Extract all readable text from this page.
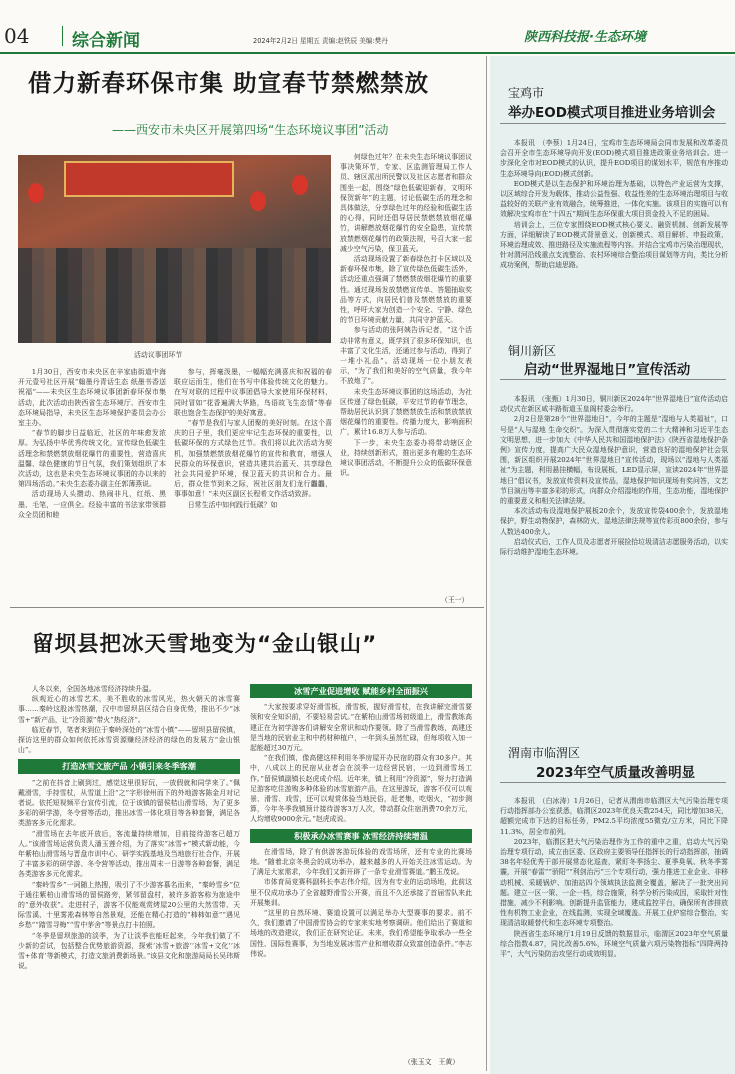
04	综合新闻	2024年2月2日 星期五 责编:赵铁辰 美编:樊丹	陕西科技报·生态环境
借力新春环保市集 助宣春节禁燃禁放
——西安市未央区开展第四场“生态环境议事团”活动
活动议事团环节

1月30日，西安市未央区在辛家庙街道中海开元壹号社区开展“翰墨丹青话生态 纸墨书香送祝福”——未央区生态环境议事团新春环保市集活动，此次活动由陕西省生态环境厅、西安市生态环境局指导，未央区生态环境保护委员会办公室主办。

“春节的脚步日益临近，社区的年味愈发浓厚。为弘扬中华优秀传统文化，宣传绿色低碳生活理念和禁燃禁放烟花爆竹的重要性，营造喜庆温馨、绿色健康的节日气氛，我们策划组织了本次活动，这也是未央生态环境议事团的办以来的第四场活动。”未央生态委办副主任郭薄燕说。

活动现场人头攒动、热闹非凡，红纸、黑墨、毛笔，一应俱全。经验丰富的书法家带领群众全员团和睦

参与，挥毫泼墨，一幅幅充满喜庆和祝福的春联应运而生，他们在书写中体验传统文化的魅力。在写对联的过程中议事团倡导大家使用环保材料，同时冒如“花香遍满大华路，鸟语故飞生态情”等春联也饱含生态保护的美好寓意。

“春节是我们与家人团聚的美好时刻。在这个喜庆的日子里，我们更应牢记生态环保的重要性，以低碳环保的方式绿色过节。我们将以此次活动为契机，加强禁燃禁放烟花爆竹的宣传和教育，增强人民群众的环保意识，营造共建共治蓝天、共享绿色社会共同爱护环境，保卫蓝天的共识和合力。最后，群众佳节到来之际，祝社区朋友们龙行龘龘，事事如意！”未央区副区长程希文作活动致辞。

日常生活中如何践行低碳？如

何绿色过年？在未央生态环境议事团议事决策环节，专家、区监测管理局工作人员、辖区派出所民警以及社区志愿者和群众围坐一起，围绕“绿色低碳迎新春，文明环保贺新年”的主题，讨论低碳生活的理念和具体做法，分享绿色过年的经验和低碳生活的心得，同时还倡导居民禁燃禁放烟花爆竹，讲解燃放烟花爆竹的安全隐患，宣传禁放禁燃烟花爆竹的政策法规，号召大家一起减少空气污染，保卫蓝天。

活动现场设置了新春绿色打卡区域以及新春环保市集，除了宣传绿色低碳生活外，活动还重点强调了禁燃禁放烟花爆竹的重要性。通过现场发放禁燃宣传单、答题抽取奖品等方式，向居民们普及禁燃禁放的重要性，呼吁大家为创造一个安全、宁静、绿色的节日环境贡献力量，共同守护蓝天。

参与活动的张阿姨告诉记者，“这个活动非常有意义，既学到了很多环保知识，也丰富了文化生活，还通过参与活动，得到了一堆小礼品”。活动现场一位小朋友表示，“为了我们和美好的空气质量，我今年不放炮了”。

未央生态环境议事团的这场活动，为社区传递了绿色低碳，平安过节的春节理念，帮助居民认识到了禁燃禁放生活和禁放禁放烟花爆竹的重要性。传播力度大，影响面积广，累计16.8万人参与活动。

下一步，未央生态委办将带动辖区企业，持续创新形式，推出更多有趣的生态环境议事团活动，不断提升公众的低碳环保意识。

（王一）
留坝县把冰天雪地变为“金山银山”

人冬以来，全国各地冰雪经济持续升温。

纵观近心的冰雪艺术，美不胜收的冰雪风光，热火朝天的冰雪赛事……秦岭这股冰雪热潮，汉中市留坝县区结合自身优势，推出不少“冰雪+”新产品，让“冷资源”带火“热经济”。

临近春节，笔者来到位于秦岭深处的“冰雪小镇”——留坝县留侯镇，探访这里的群众如何依托冰雪资源赚经济经济的绿色的发展方“金山银山”。

打造冰雪文旅产品 小镇引来冬季客潮

“之前在抖音上刷到过，感觉这里很好玩，一放假就和同学来了。”佩戴滑雪，手持雪杖，从雪道上沿“之”字形徐州而下的外地游客陈金月对记者说。依托短视频平台宣传引流，位于该镇的留侯桔山滑雪场，为了更多多彩的研学游，冬令营等活动，推出冰雪一体化项目等各种套餐，满足各类游客多元化需求。

“滑雪场在去年底开放后，客流量持续增加，目前接待游客已超万人。”该滑雪场运营负责人潘玉莲介绍，为了落实“冰雪+”模式新动能，今年紫柏山滑雪场与晋盘市训中心、研学实践基地及当地旅行社合作，开展了丰富多彩的研学游、冬令营等活动，推出周末一日游等各种套餐，满足各类游客多元化需求。

“秦岭雪乡”一词随上热搜，吸引了不少游客慕名而来，“秦岭雪乡”位于通往紫柏山滑雪场的留侯路旁，紧邻留盘村，被许多游客称为旅途中的“意外收获”。走进村子，游客不仅能观赏烤屋20公里的大然雪带、天际雪溪、十里雾凇森林等自然景观，还能在精心打造的“柿柿如意”“遇见乡愁”“踏雪寻梅”“雪中茅舍”等景点打卡拍照。

“冬季是留坝旅游的淡季，为了让淡季也能旺起来，今年我们做了不少新的尝试，包括整合优势旅游资源，探索‘冰雪+旅游’‘冰雪+文化’‘冰雪+体育’等新模式，打造文旅消费新场景。”该县文化和旅游局局长吴玮斯说。

冰雪产业促进增收 赋能乡村全面振兴

“大家按要求穿好滑雪板，滑雪板，握好滑雪杖，在我讲解完滑雪要领和安全知识前，不要轻易尝试。”在紫柏山滑雪场初级道上，滑雪教练高建正在为初学游客们讲解安全常识和动作要领。除了当滑雪教练，高建还是当地的民宿业主和中药材种植户，一年到头虽然忙碌，但每项收入加一起能超过30万元。

“在我们镇，像高健这样利用冬季房屋开办民宿的群众有30多户。其中，八成以上的民宿从业者会在淡季一边经营民宿，一边到滑雪场工作。”留侯镇副镇长赵虎成介绍。近年来，镇上利用“冷资源”，努力打造满足游客吃住游购多种体验的冰雪旅游产品，在这里游玩，游客不仅可以观景、滑雪、戏雪，还可以观赏体验当地民俗，赶老集，吃烟火，“初步测算，今年冬季我镇预计接待游客3万人次，带动群众住宿消费70余万元，人均增收9000余元。”赵虎成说。

积极承办冰雪赛事 冰雪经济持续增温

在滑雪场，除了有供游客游玩体验的戏雪场所，还有专业的比赛场地。“随着北京冬奥会的成功举办，越来越多的人开始关注冰雪运动。为了满足大家需求，今年我们又新开辟了一条专业滑雪赛道。”鹏玉茂说。

市体育局竞赛科副科长李志伟介绍，因为有专业的运动场地，此前这里不仅成功承办了全省越野滑雪公开赛，而且不久还承接了首届雪队来此开展集训。

“这里的自然环境、赛道设置可以满足举办大型赛事的要求。前不久，我们邀请了中国滑雪协会的专家来实地考察调研。他们给出了赛道和场地的改造建议，我们正在研究论证。未来，我们希望能争取承办一些全国性、国际性赛事，为当地发展冰雪产业和增收群众致富创造条件。”李志伟说。

（张玉文　王黄）
宝鸡市
举办EOD模式项目推进业务培训会

本报讯　（李蔡）1月24日，宝鸡市生态环境局会同市发展和改革委员会召开全市生态环境导向开发(EOD)模式项目推进政策业务培训会。进一步深化全市对EOD模式的认识，提升EOD项目的谋划水平，规范有序推动生态环境导向(EOD)模式创新。

EOD模式是以生态保护和环境治理为基础，以特色产业运营为支撑，以区域综合开发为载体，推动公益性强、收益性差的生态环境治理项目与收益较好的关联产业有效融合，统筹推进，一体化实施。该项目的实施可以有效解决宝鸡市在“十四五”期间生态环保重大项目资金投入不足的困局。

培训会上，三位专家围绕EOD模式核心要义、融资机制、创新发展等方面，详细解读了EOD模式背景意义、创新模式、项目解析、申报政策、环境治理成效、推进路径及实施流程等内容。并结合宝鸡市污染治理现状，针对渭河沿线重点支流整治、农村环境综合整治项目谋划等方向，类比分析成功案例，帮助启迪思路。

铜川新区
启动“世界湿地日”宣传活动

本报讯　（张甄）1月30日，铜川新区2024年“世界湿地日”宣传活动启动仪式在新区咸丰路衔道玉皇阁村委会举行。

2月2日是第28个“世界湿地日”，今年的主题是“湿地与人类福祉”，口号是“人与湿地 生命交织”。为深入贯彻落实党的二十大精神和习近平生态文明思想，进一步加大《中华人民共和国湿地保护法》《陕西省湿地保护条例》宣传力度，提高广大民众湿地保护意识，营造良好的湿地保护社会氛围，新区组织开展2024年“世界湿地日”宣传活动，现场以“湿地与人类福祉”为主题，利用悬挂横幅，布设展板，LED显示屏，宣读2024年“世界湿地日”倡议书，发放宣传资料及宣传品，湿地保护知识现场有奖问答，文艺节目演出等丰富多彩的形式，向群众介绍湿地的作用，生态功能，湿地保护的重要意义和相关法律法规。

本次活动布设湿地保护展板20余个，发放宣传袋400余个，发放湿地保护，野生动物保护，森林防火，湿地法律法规等宣传彩页800余份，参与人数达400余人。

启动仪式后，工作人员及志愿者开展捡拾垃圾清洁志愿服务活动，以实际行动维护湿地生态环境。

渭南市临渭区
2023年空气质量改善明显

本报讯　（白冰涛）1月26日，记者从渭南市临渭区大气污染治理专项行动指挥部办公室获悉，临渭区2023年优良天数254天，同比增加38天，超额完成市下达的目标任务，PM2.5平均浓度55微克/立方米，同比下降11.3%，居全市前列。

2023年，临渭区把大气污染治理作为工作的重中之重，启动大气污染治理专项行动，成立由区委、区政府主要领导任指挥长的行动指挥部，抽调38名年轻优秀干部开展常态化巡查，紧盯冬季扬尘、夏季臭氧、秋冬季雾霾，开展“春雷”“骄阳”“利剑治污”三个专项行动，强力推进工业企业、非移动机械、采暖锅炉、加油站四个领域执法监测全覆盖，解决了一批突出问题。建立一区一策、一企一档，综合施策，科学分析污染成因，采取针对性措施，减少不利影响。创新提升监管能力，建成监控平台，确保所有涉排放性有机物工业企业，在线监测，实现全域覆盖。开展工业炉窑综合整治，实现清洁取暖替代和生态环境专项整治。

陕西省生态环境厅1月19日反馈的数据显示，临渭区2023年空气质量综合指数4.87，同比改善5.6%，环境空气质量六项污染物指标“四降两持平”，大气污染防治攻坚行动成效明显。
